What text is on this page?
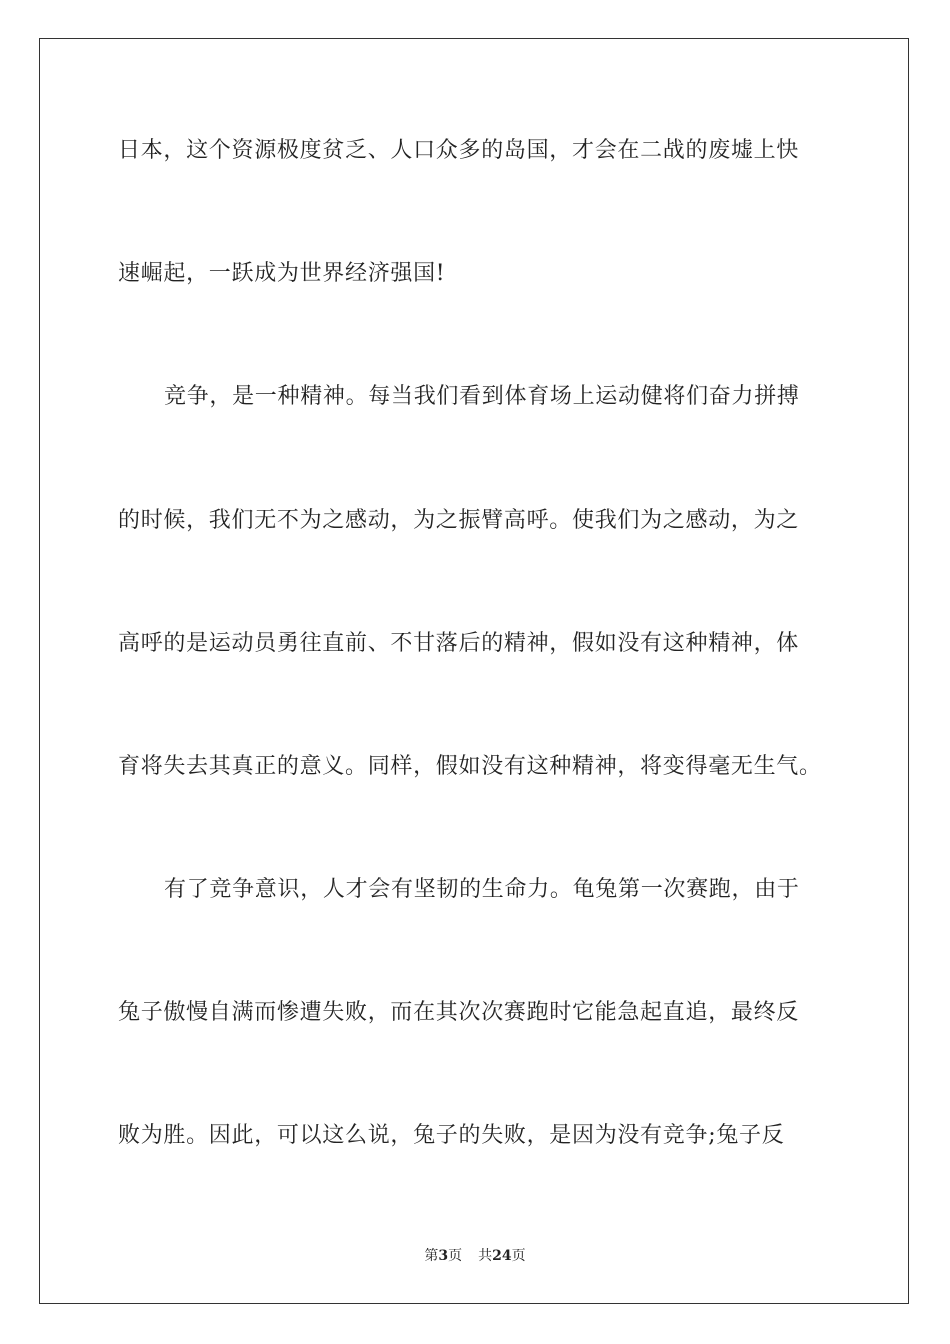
日本，这个资源极度贫乏、人口众多的岛国，才会在二战的废墟上快
速崛起，一跃成为世界经济强国!
竞争，是一种精神。每当我们看到体育场上运动健将们奋力拼搏
的时候，我们无不为之感动，为之振臂高呼。使我们为之感动，为之
高呼的是运动员勇往直前、不甘落后的精神，假如没有这种精神，体
育将失去其真正的意义。同样，假如没有这种精神，将变得毫无生气。
有了竞争意识，人才会有坚韧的生命力。龟兔第一次赛跑，由于
兔子傲慢自满而惨遭失败，而在其次次赛跑时它能急起直追，最终反
败为胜。因此，可以这么说，兔子的失败，是因为没有竞争;兔子反
第3页 共24页
